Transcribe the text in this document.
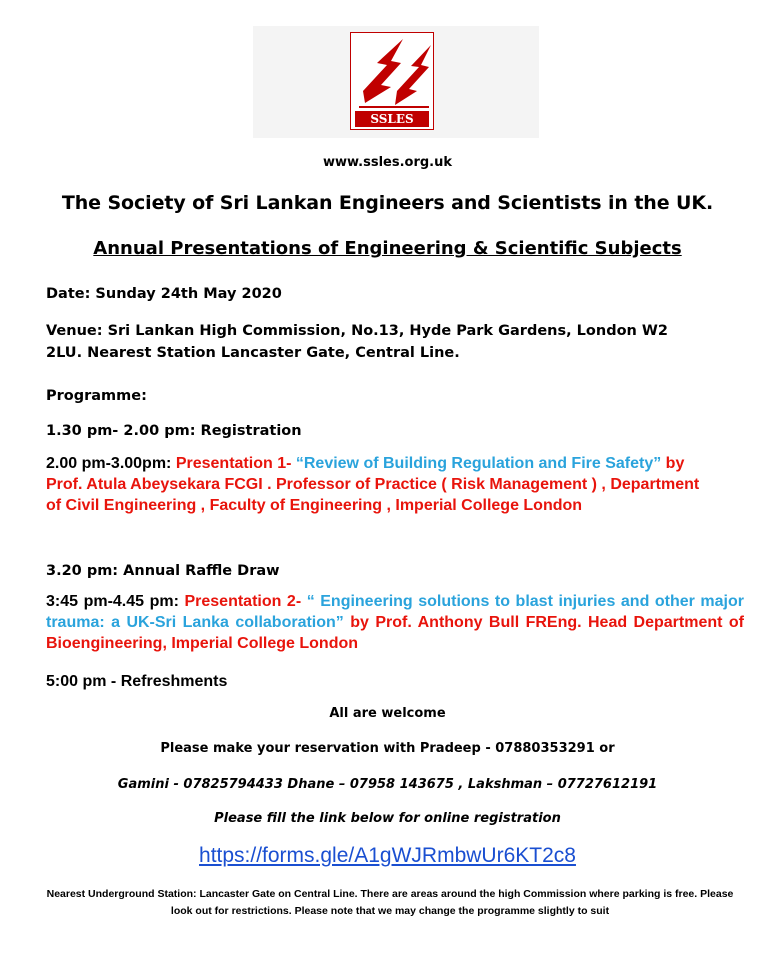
SSLES
www.ssles.org.uk
The Society of Sri Lankan Engineers and Scientists in the UK.
Annual Presentations of Engineering & Scientific Subjects
Date: Sunday 24th May 2020
Venue: Sri Lankan High Commission, No.13, Hyde Park Gardens, London W2
2LU. Nearest Station Lancaster Gate, Central Line.
Programme:
1.30 pm- 2.00 pm: Registration
2.00 pm-3.00pm: Presentation 1- “Review of Building Regulation and Fire Safety” by Prof. Atula Abeysekara FCGI . Professor of Practice ( Risk Management ) , Department of Civil Engineering , Faculty of Engineering , Imperial College London
3.20 pm: Annual Raffle Draw
3:45 pm-4.45 pm: Presentation 2- “ Engineering solutions to blast injuries and other major trauma: a UK-Sri Lanka collaboration” by Prof. Anthony Bull FREng. Head Department of Bioengineering, Imperial College London
5:00 pm - Refreshments
All are welcome
Please make your reservation with Pradeep - 07880353291 or
Gamini - 07825794433 Dhane – 07958 143675 , Lakshman – 07727612191
Please fill the link below for online registration
https://forms.gle/A1gWJRmbwUr6KT2c8
Nearest Underground Station: Lancaster Gate on Central Line. There are areas around the high Commission where parking is free. Please look out for restrictions. Please note that we may change the programme slightly to suit
